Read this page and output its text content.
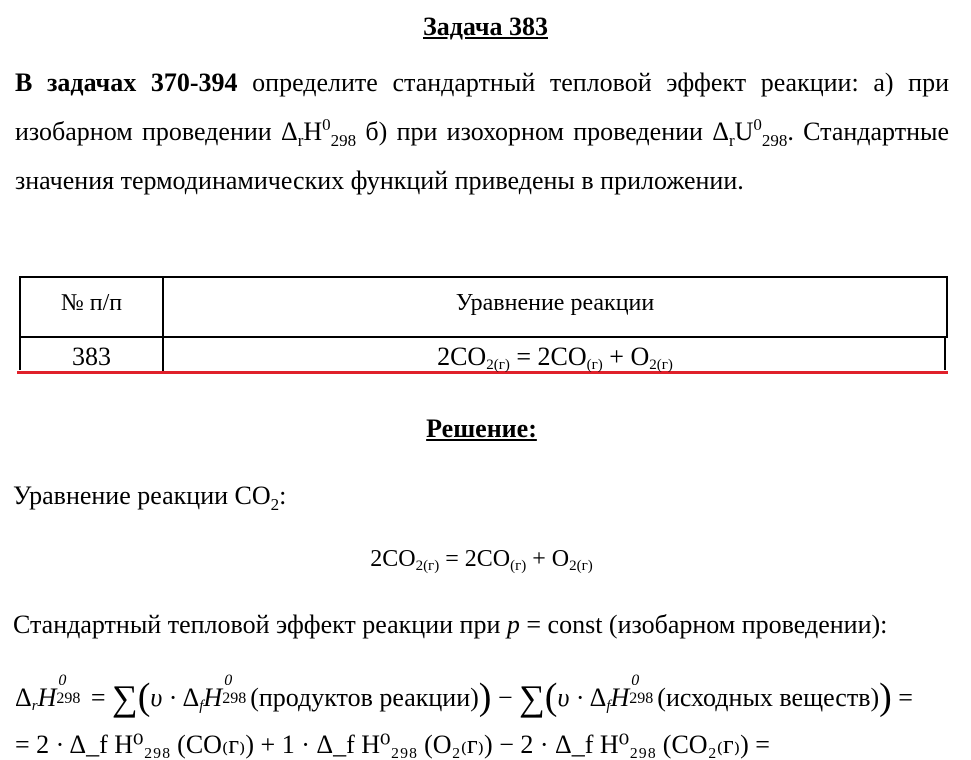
Задача 383
В задачах 370-394 определите стандартный тепловой эффект реакции: а) при изобарном проведении $\Delta_rH^0_{298}$ б) при изохорном проведении $\Delta_rU^0_{298}$. Стандартные значения термодинамических функций приведены в приложении.
№ п/п	Уравнение реакции
383	$2CO_{2(г)} = 2CO_{(г)} + O_{2(г)}$
Решение:
Уравнение реакции $CO_2$:
$2CO_{2(г)} = 2CO_{(г)} + O_{2(г)}$
Стандартный тепловой эффект реакции при p = const (изобарном проведении):
$\Delta_rH$
0
$298 = \sum(\upsilon \cdot \Delta_fH$
0
298 (продуктов реакции)) − $\sum(\upsilon \cdot \Delta_fH$
0
298 (исходных веществ)) =
= 2 · Δ_f H⁰₂₉₈ (CO₍г₎) + 1 · Δ_f H⁰₂₉₈ (O₂₍г₎) − 2 · Δ_f H⁰₂₉₈ (CO₂₍г₎) =
